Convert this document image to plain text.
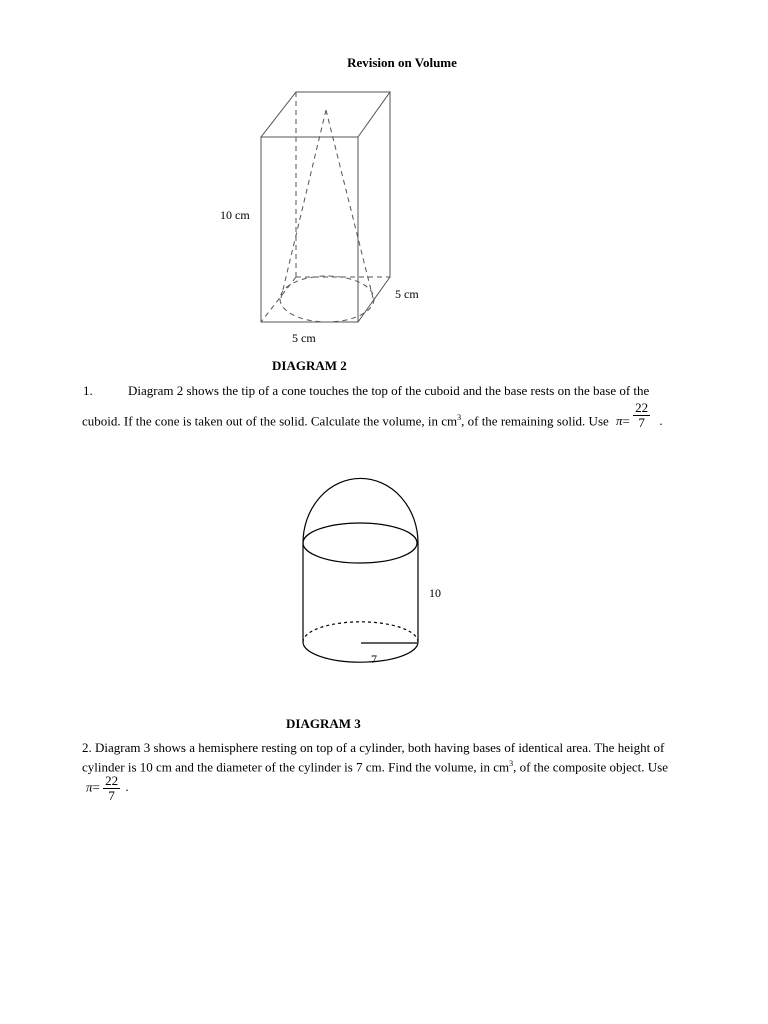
Revision on Volume
10 cm
5 cm
5 cm
DIAGRAM 2
1.	Diagram 2 shows the tip of a cone touches the top of the cuboid and the base rests on the base of the
cuboid. If the cone is taken out of the solid. Calculate the volume, in $cm^3$, of the remaining solid. Use $\pi= \frac{22}{7}$ .
10
7
DIAGRAM 3
2. Diagram 3 shows a hemisphere resting on top of a cylinder, both having bases of identical area. The height of
cylinder is 10 cm and the diameter of the cylinder is 7 cm. Find the volume, in $cm^3$, of the composite object. Use
$\pi= \frac{22}{7}$ .
